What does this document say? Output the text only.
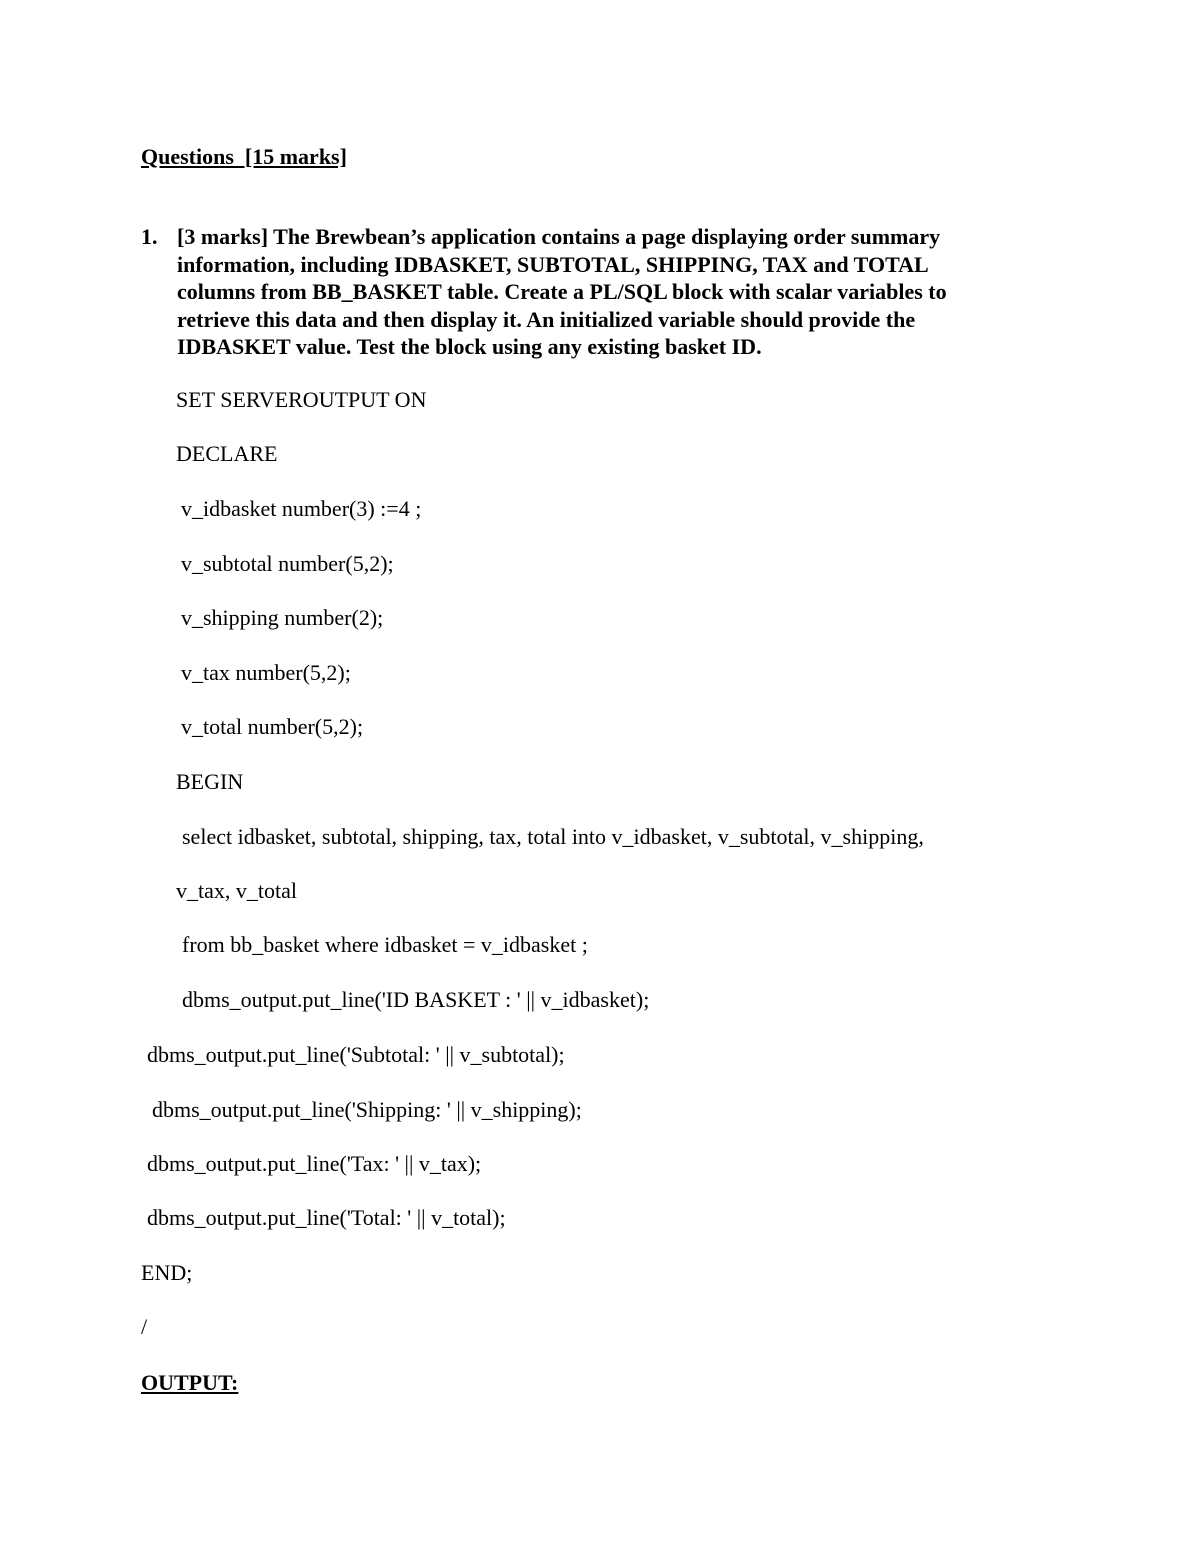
Questions  [15 marks]
1. [3 marks] The Brewbean’s application contains a page displaying order summary
information, including IDBASKET, SUBTOTAL, SHIPPING, TAX and TOTAL
columns from BB_BASKET table. Create a PL/SQL block with scalar variables to
retrieve this data and then display it. An initialized variable should provide the
IDBASKET value. Test the block using any existing basket ID.
SET SERVEROUTPUT ON
DECLARE
v_idbasket number(3) :=4 ;
v_subtotal number(5,2);
v_shipping number(2);
v_tax number(5,2);
v_total number(5,2);
BEGIN
select idbasket, subtotal, shipping, tax, total into v_idbasket, v_subtotal, v_shipping,
v_tax, v_total
from bb_basket where idbasket = v_idbasket ;
dbms_output.put_line('ID BASKET : ' || v_idbasket);
dbms_output.put_line('Subtotal: ' || v_subtotal);
dbms_output.put_line('Shipping: ' || v_shipping);
dbms_output.put_line('Tax: ' || v_tax);
dbms_output.put_line('Total: ' || v_total);
END;
/
OUTPUT:
